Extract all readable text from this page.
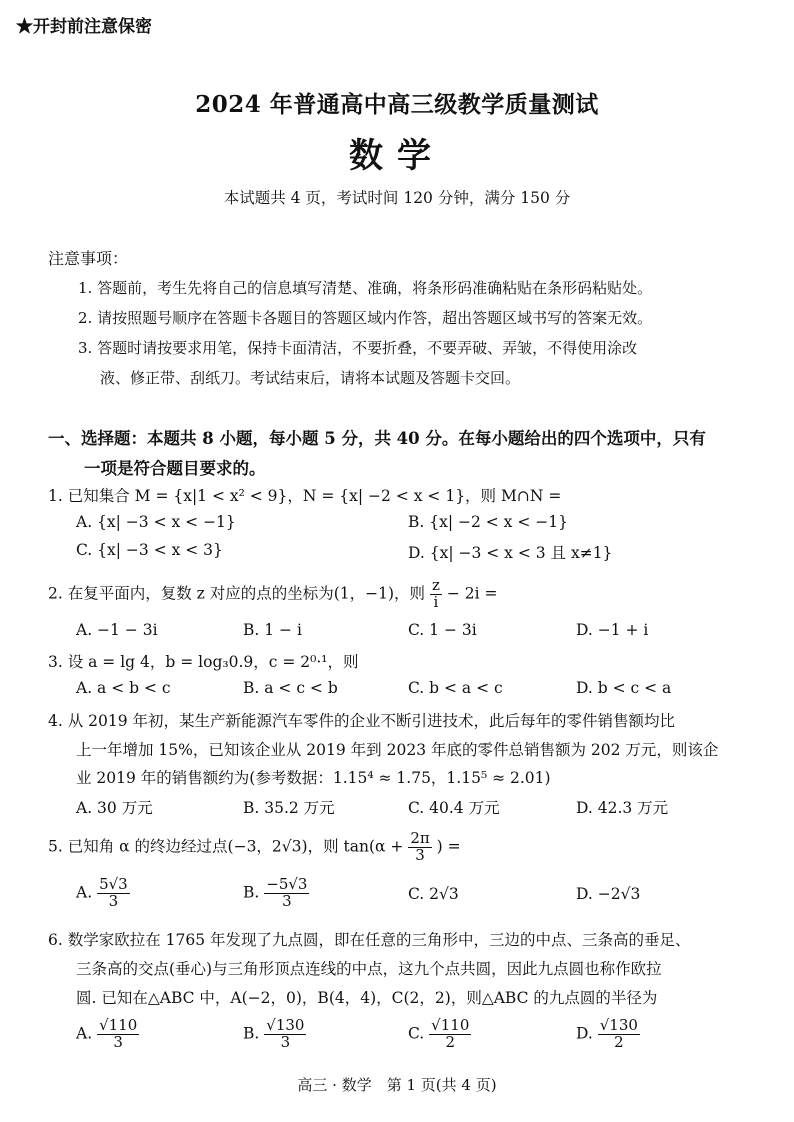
★开封前注意保密
2024 年普通高中高三级教学质量测试
数学
本试题共 4 页，考试时间 120 分钟，满分 150 分
注意事项：
1. 答题前，考生先将自己的信息填写清楚、准确，将条形码准确粘贴在条形码粘贴处。
2. 请按照题号顺序在答题卡各题目的答题区域内作答，超出答题区域书写的答案无效。
3. 答题时请按要求用笔，保持卡面清洁，不要折叠，不要弄破、弄皱，不得使用涂改
液、修正带、刮纸刀。考试结束后，请将本试题及答题卡交回。
一、选择题：本题共 8 小题，每小题 5 分，共 40 分。在每小题给出的四个选项中，只有
一项是符合题目要求的。
1. 已知集合 M = {x|1 < x² < 9}，N = {x| −2 < x < 1}，则 M∩N =
A. {x| −3 < x < −1}	B. {x| −2 < x < −1}
C. {x| −3 < x < 3}	D. {x| −3 < x < 3 且 x≠1}
2. 在复平面内，复数 z 对应的点的坐标为(1，−1)，则 $\frac{z}{i} - 2i$ =
A. −1 − 3i	B. 1 − i	C. 1 − 3i	D. −1 + i
3. 设 a = lg 4，b = log₃0.9，c = 2⁰·¹，则
A. a < b < c	B. a < c < b	C. b < a < c	D. b < c < a
4. 从 2019 年初，某生产新能源汽车零件的企业不断引进技术，此后每年的零件销售额均比
上一年增加 15%，已知该企业从 2019 年到 2023 年底的零件总销售额为 202 万元，则该企
业 2019 年的销售额约为(参考数据：1.15⁴ ≈ 1.75，1.15⁵ ≈ 2.01)
A. 30 万元	B. 35.2 万元	C. 40.4 万元	D. 42.3 万元
5. 已知角 α 的终边经过点(−3，2√3)，则 $\tan(\alpha + \frac{2\pi}{3}$ ) =
A. $\frac{5√3}{3}$	B. $\frac{-5√3}{3}$	C. 2√3	D. −2√3
6. 数学家欧拉在 1765 年发现了九点圆，即在任意的三角形中，三边的中点、三条高的垂足、
三条高的交点(垂心)与三角形顶点连线的中点，这九个点共圆，因此九点圆也称作欧拉
圆. 已知在△ABC 中，A(−2，0)，B(4，4)，C(2，2)，则△ABC 的九点圆的半径为
A. $\frac{√110}{3}$	B. $\frac{√130}{3}$	C. $\frac{√110}{2}$	D. $\frac{√130}{2}$
高三 · 数学　第 1 页(共 4 页)
